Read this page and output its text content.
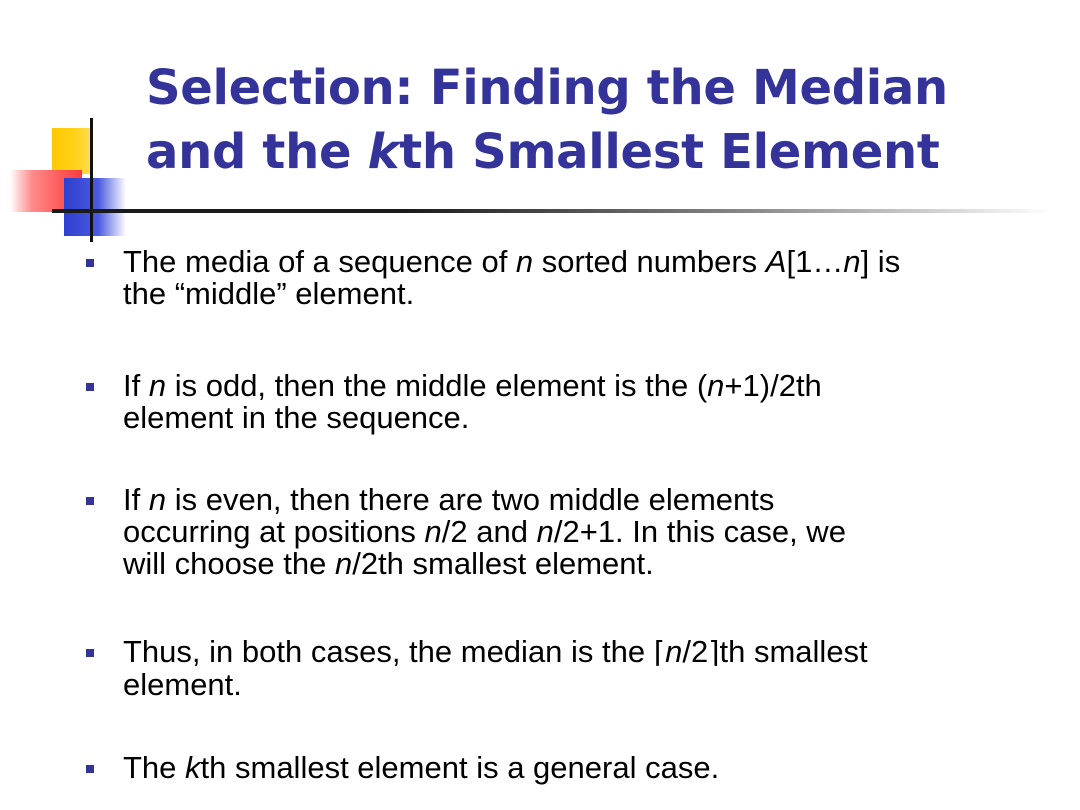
Selection: Finding the Median
and the kth Smallest Element
The media of a sequence of n sorted numbers A[1…n] is
the “middle” element.
If n is odd, then the middle element is the (n+1)/2th
element in the sequence.
If n is even, then there are two middle elements
occurring at positions n/2 and n/2+1. In this case, we
will choose the n/2th smallest element.
Thus, in both cases, the median is the ⌈n/2⌉th smallest
element.
The kth smallest element is a general case.
